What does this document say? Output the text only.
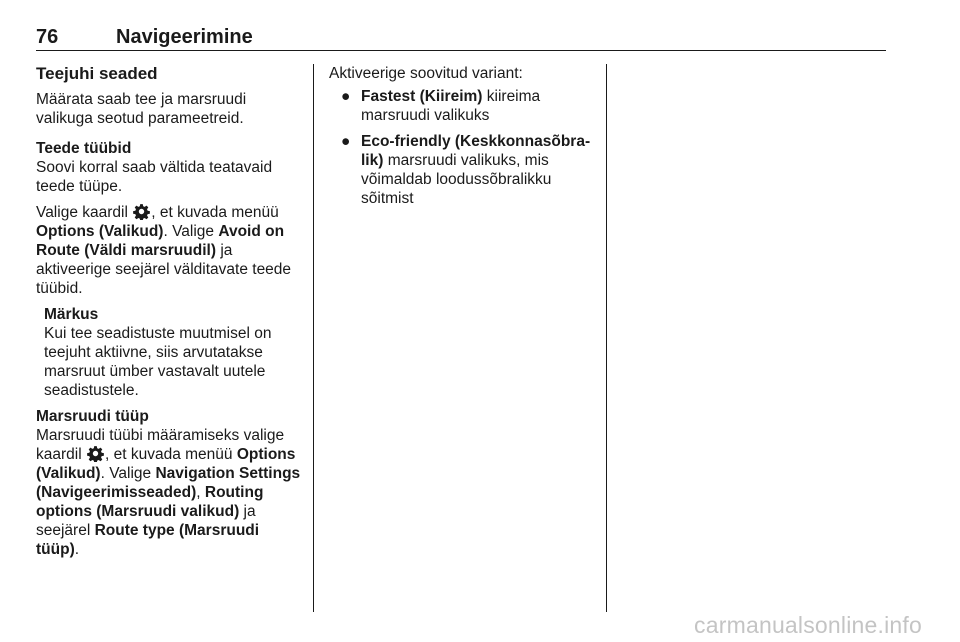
76	Navigeerimine
Teejuhi seaded

Määrata saab tee ja marsruudi valikuga seotud parameetreid.

Teede tüübid

Soovi korral saab vältida teatavaid teede tüüpe.

Valige kaardil , et kuvada menüü Options (Valikud). Valige Avoid on Route (Väldi marsruudil) ja aktiveerige seejärel välditavate teede tüübid.

Märkus

Kui tee seadistuste muutmisel on teejuht aktiivne, siis arvutatakse marsruut ümber vastavalt uutele seadistustele.

Marsruudi tüüp

Marsruudi tüübi määramiseks valige kaardil , et kuvada menüü Options (Valikud). Valige Navigation Settings (Navigeerimisseaded), Routing options (Marsruudi valikud) ja seejärel Route type (Marsruudi tüüp).

Aktiveerige soovitud variant:

● Fastest (Kiireim) kiireima marsruudi valikuks
● Eco-friendly (Keskkonnasõbra-lik) marsruudi valikuks, mis võimaldab loodussõbralikku sõitmist
carmanualsonline.info
